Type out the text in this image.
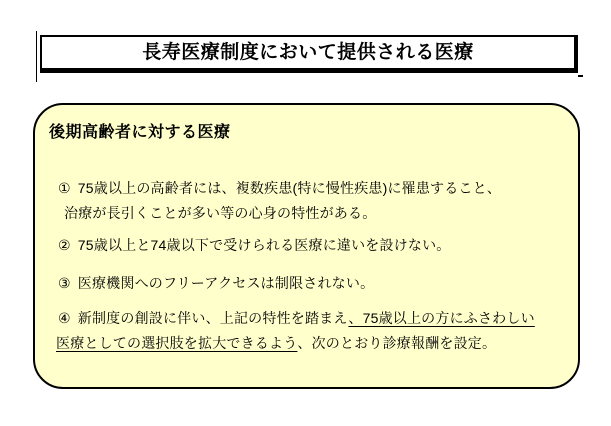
長寿医療制度において提供される医療
後期高齢者に対する医療
① 75歳以上の高齢者には、複数疾患(特に慢性疾患)に罹患すること、
治療が長引くことが多い等の心身の特性がある。
② 75歳以上と74歳以下で受けられる医療に違いを設けない。
③ 医療機関へのフリーアクセスは制限されない。
④ 新制度の創設に伴い、上記の特性を踏まえ、75歳以上の方にふさわしい
医療としての選択肢を拡大できるよう、次のとおり診療報酬を設定。
